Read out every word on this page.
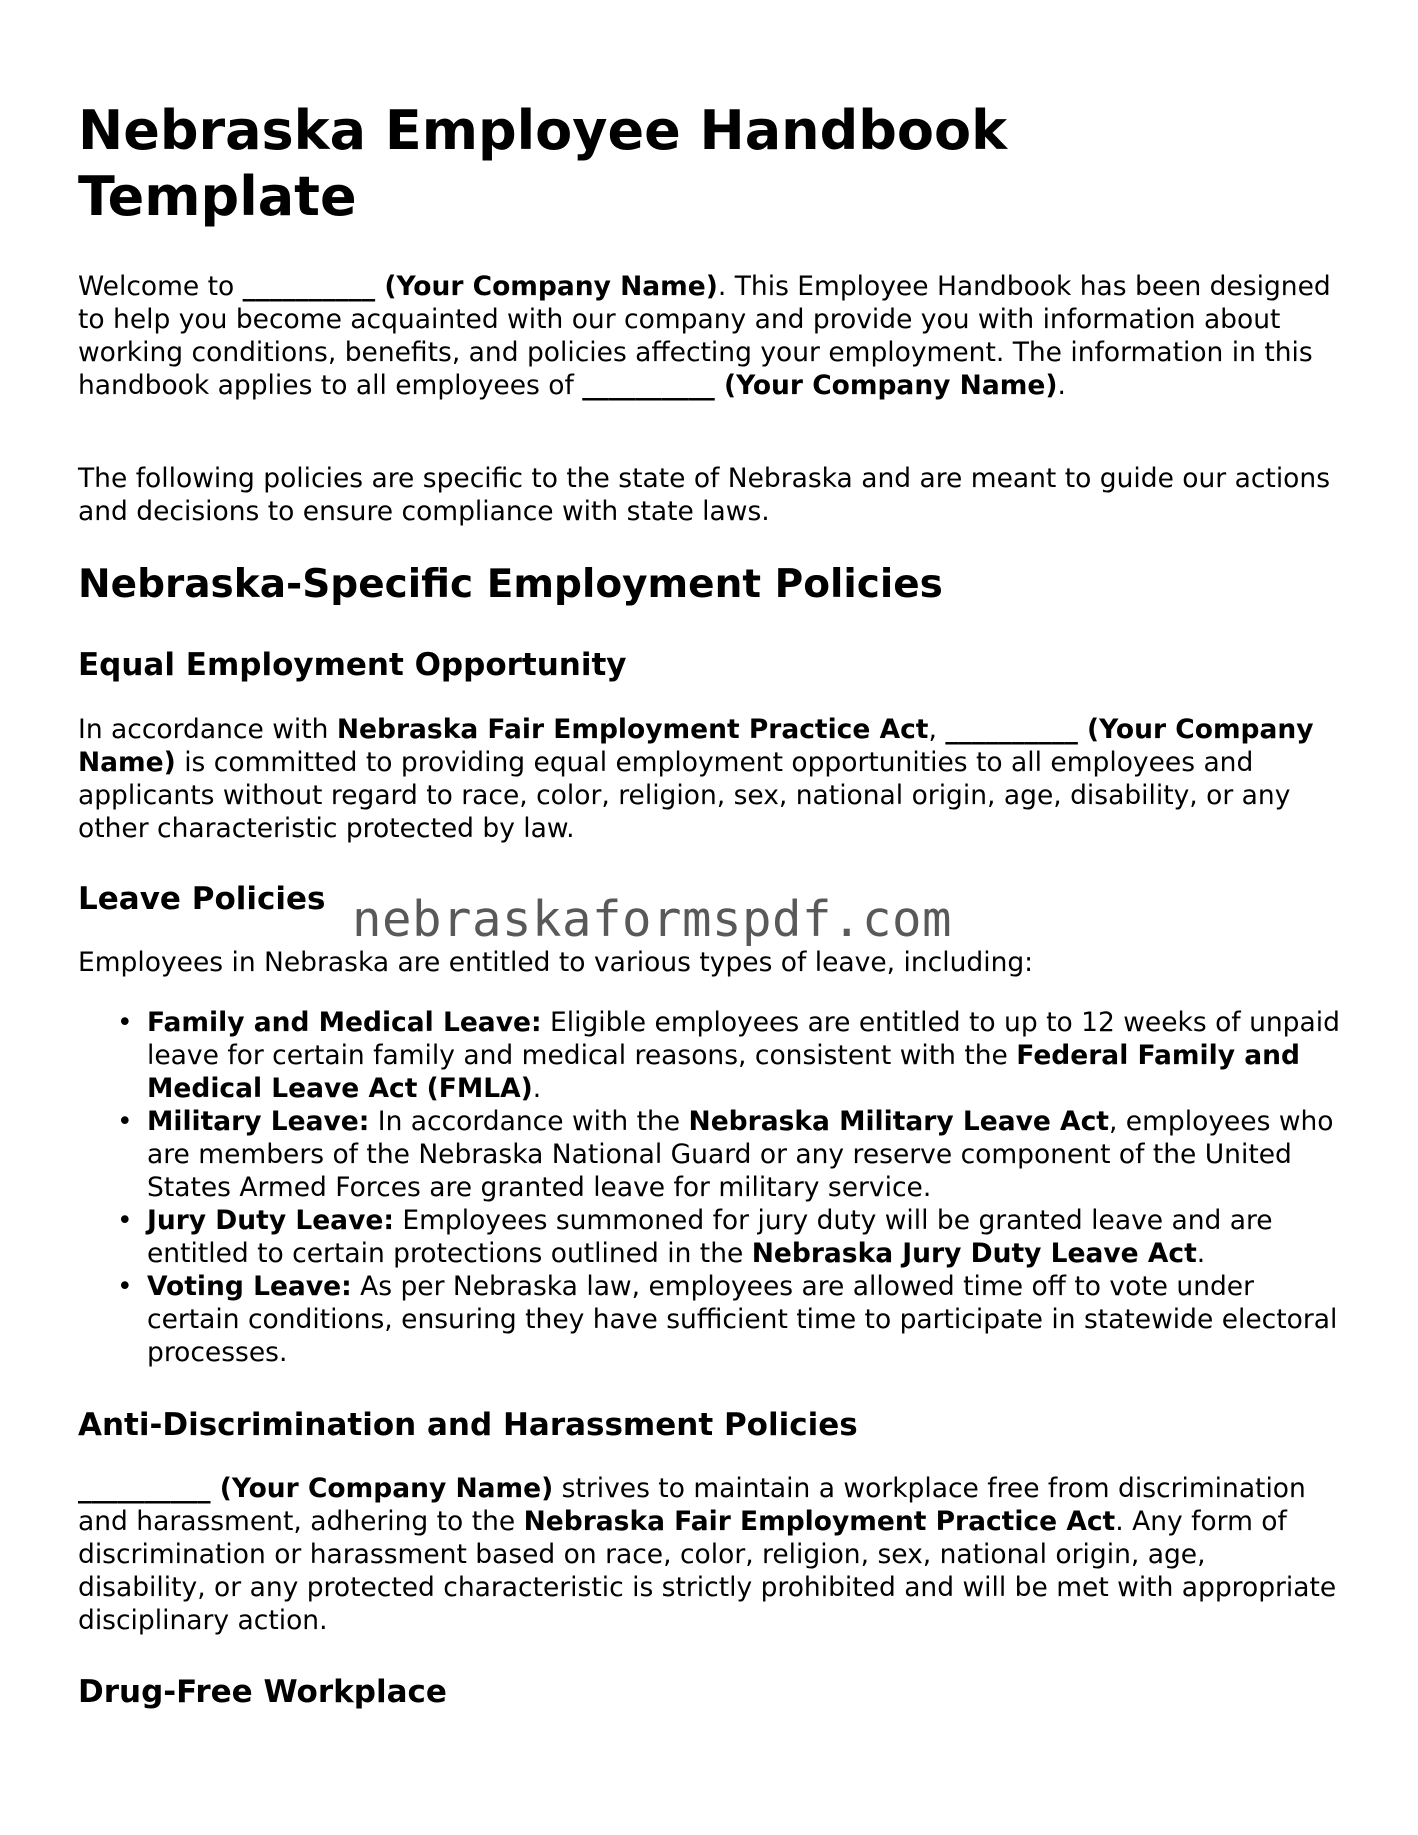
Nebraska Employee Handbook Template

Welcome to __________ (Your Company Name). This Employee Handbook has been designed to help you become acquainted with our company and provide you with information about working conditions, benefits, and policies affecting your employment. The information in this handbook applies to all employees of __________ (Your Company Name).

The following policies are specific to the state of Nebraska and are meant to guide our actions and decisions to ensure compliance with state laws.

Nebraska-Specific Employment Policies
Equal Employment Opportunity

In accordance with Nebraska Fair Employment Practice Act, __________ (Your Company Name) is committed to providing equal employment opportunities to all employees and applicants without regard to race, color, religion, sex, national origin, age, disability, or any other characteristic protected by law.

Leave Policies

Employees in Nebraska are entitled to various types of leave, including:

• Family and Medical Leave: Eligible employees are entitled to up to 12 weeks of unpaid leave for certain family and medical reasons, consistent with the Federal Family and Medical Leave Act (FMLA).
• Military Leave: In accordance with the Nebraska Military Leave Act, employees who are members of the Nebraska National Guard or any reserve component of the United States Armed Forces are granted leave for military service.
• Jury Duty Leave: Employees summoned for jury duty will be granted leave and are entitled to certain protections outlined in the Nebraska Jury Duty Leave Act.
• Voting Leave: As per Nebraska law, employees are allowed time off to vote under certain conditions, ensuring they have sufficient time to participate in statewide electoral processes.
Anti-Discrimination and Harassment Policies

__________ (Your Company Name) strives to maintain a workplace free from discrimination and harassment, adhering to the Nebraska Fair Employment Practice Act. Any form of discrimination or harassment based on race, color, religion, sex, national origin, age, disability, or any protected characteristic is strictly prohibited and will be met with appropriate disciplinary action.

Drug-Free Workplace
nebraskaformspdf.com
